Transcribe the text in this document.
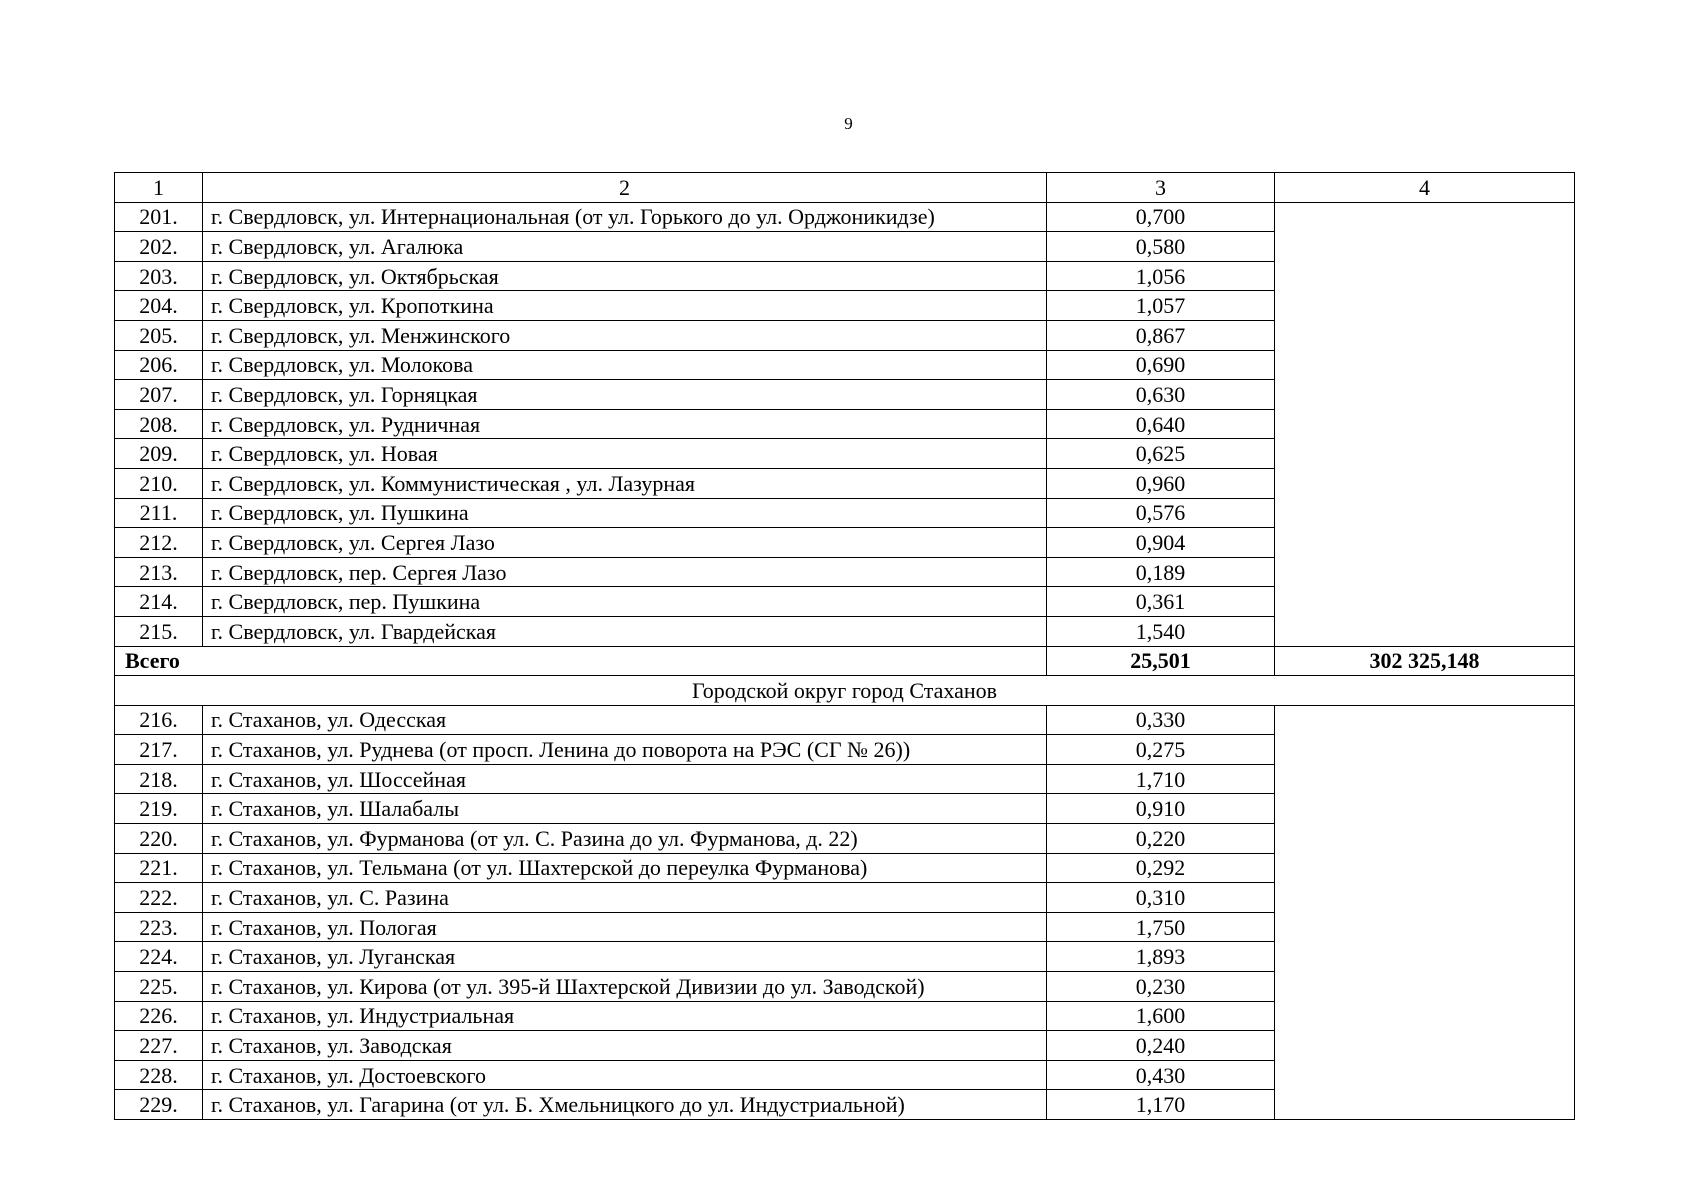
9
1	2	3	4
201.	г. Свердловск, ул. Интернациональная (от ул. Горького до ул. Орджоникидзе)	0,700	
202.	г. Свердловск, ул. Агалюка	0,580	
203.	г. Свердловск, ул. Октябрьская	1,056	
204.	г. Свердловск, ул. Кропоткина	1,057	
205.	г. Свердловск, ул. Менжинского	0,867	
206.	г. Свердловск, ул. Молокова	0,690	
207.	г. Свердловск, ул. Горняцкая	0,630	
208.	г. Свердловск, ул. Рудничная	0,640	
209.	г. Свердловск, ул. Новая	0,625	
210.	г. Свердловск, ул. Коммунистическая , ул. Лазурная	0,960	
211.	г. Свердловск, ул. Пушкина	0,576	
212.	г. Свердловск, ул. Сергея Лазо	0,904	
213.	г. Свердловск, пер. Сергея Лазо	0,189	
214.	г. Свердловск, пер. Пушкина	0,361	
215.	г. Свердловск, ул. Гвардейская	1,540	
Всего		25,501	302 325,148
Городской округ город Стаханов			
216.	г. Стаханов, ул. Одесская	0,330	
217.	г. Стаханов, ул. Руднева (от просп. Ленина до поворота на РЭС (СГ № 26))	0,275	
218.	г. Стаханов, ул. Шоссейная	1,710	
219.	г. Стаханов, ул. Шалабалы	0,910	
220.	г. Стаханов, ул. Фурманова (от ул. С. Разина до ул. Фурманова, д. 22)	0,220	
221.	г. Стаханов, ул. Тельмана (от ул. Шахтерской до переулка Фурманова)	0,292	
222.	г. Стаханов, ул. С. Разина	0,310	
223.	г. Стаханов, ул. Пологая	1,750	
224.	г. Стаханов, ул. Луганская	1,893	
225.	г. Стаханов, ул. Кирова (от ул. 395-й Шахтерской Дивизии до ул. Заводской)	0,230	
226.	г. Стаханов, ул. Индустриальная	1,600	
227.	г. Стаханов, ул. Заводская	0,240	
228.	г. Стаханов, ул. Достоевского	0,430	
229.	г. Стаханов, ул. Гагарина (от ул. Б. Хмельницкого до ул. Индустриальной)	1,170	
